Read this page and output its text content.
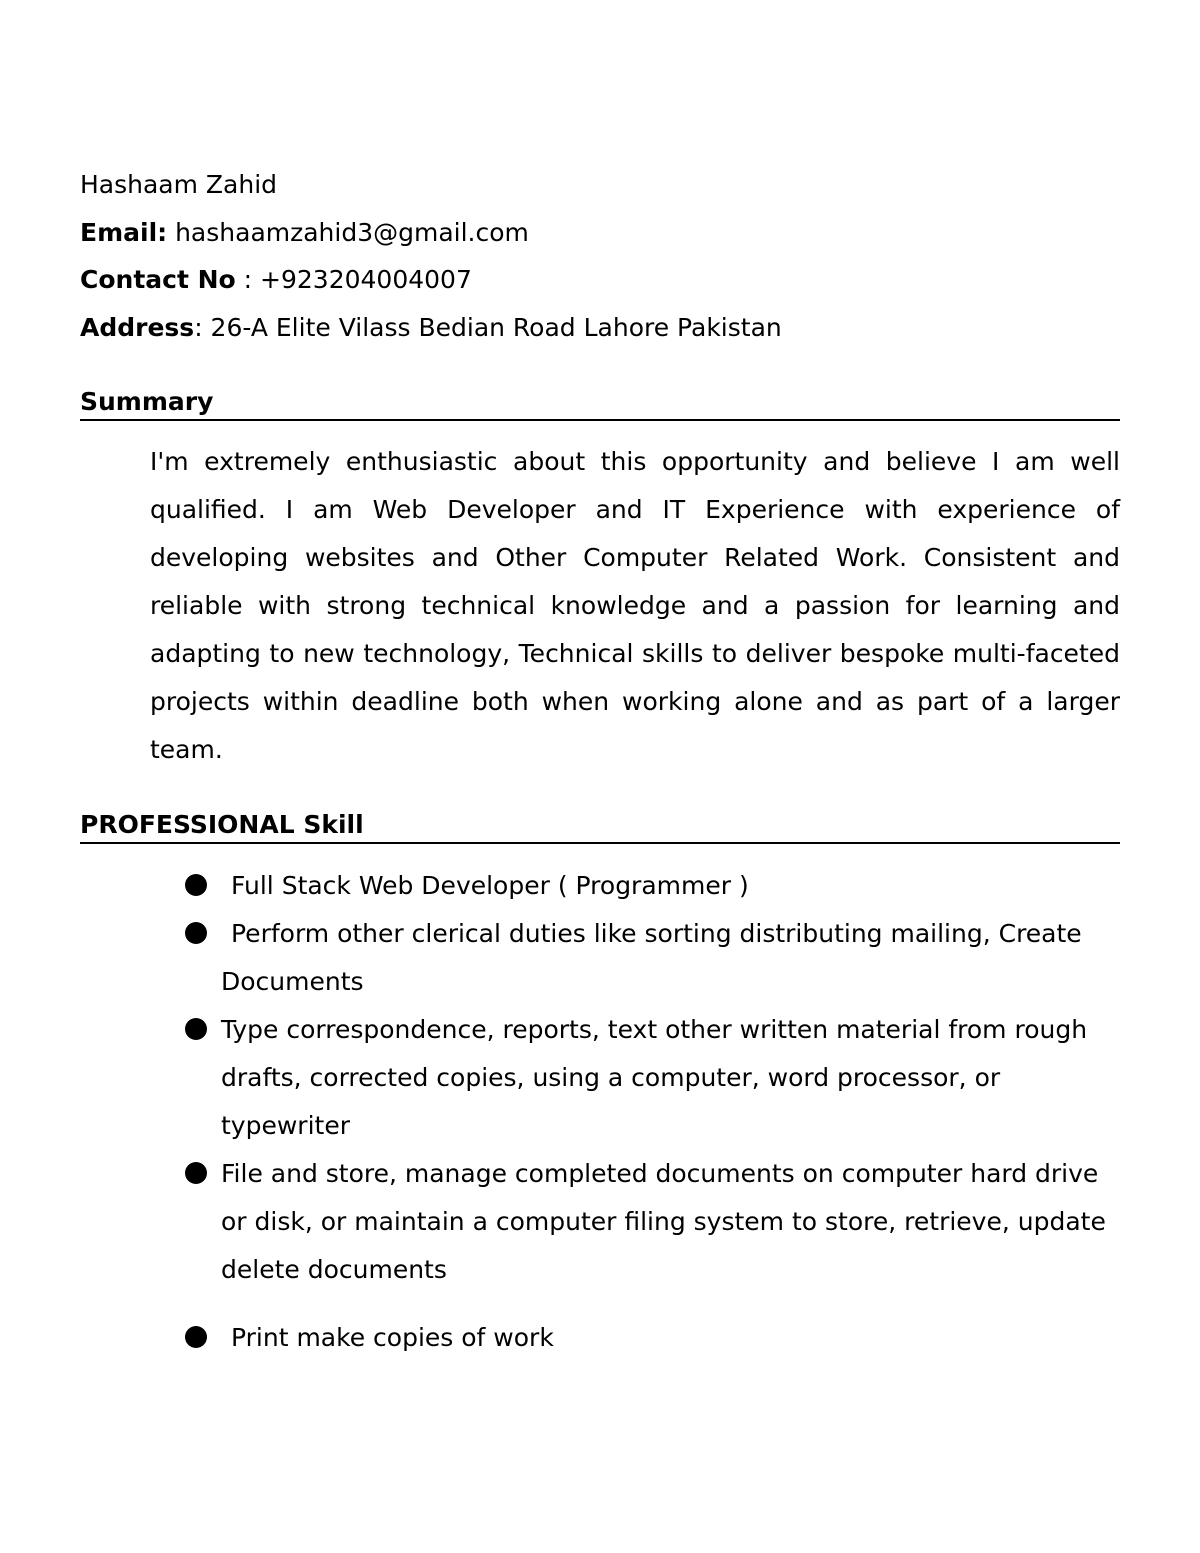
Hashaam Zahid
Email: hashaamzahid3@gmail.com
Contact No : +923204004007
Address: 26-A Elite Vilass Bedian Road Lahore Pakistan
Summary
I'm extremely enthusiastic about this opportunity and believe I am well qualified. I am Web Developer and IT Experience with experience of developing websites and Other Computer Related Work. Consistent and reliable with strong technical knowledge and a passion for learning and adapting to new technology, Technical skills to deliver bespoke multi-faceted projects within deadline both when working alone and as part of a larger team.
PROFESSIONAL Skill
Full Stack Web Developer ( Programmer )
Perform other clerical duties like sorting distributing mailing, Create Documents
Type correspondence, reports, text other written material from rough drafts, corrected copies, using a computer, word processor, or typewriter
File and store, manage completed documents on computer hard drive or disk, or maintain a computer filing system to store, retrieve, update delete documents
Print make copies of work
